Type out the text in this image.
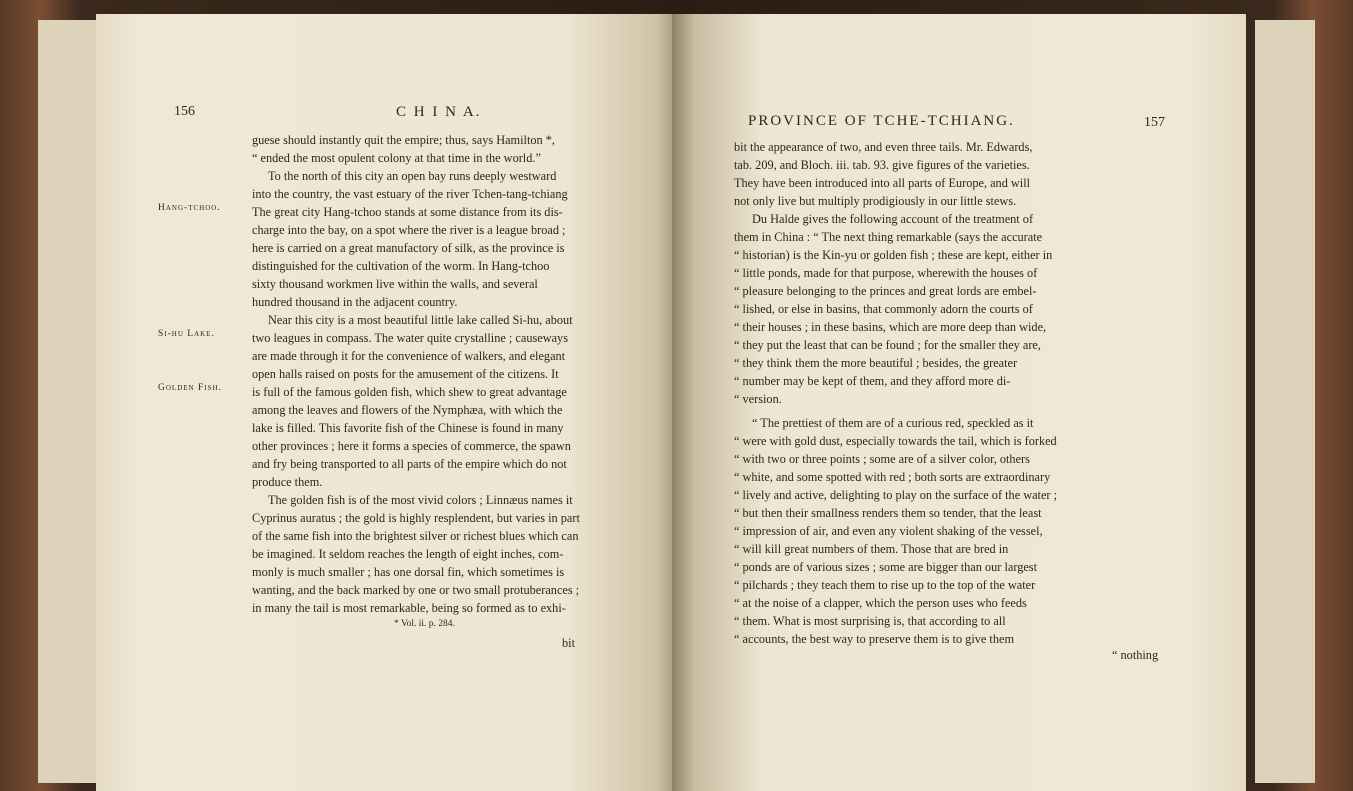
156	C H I N A.
Hang-tchoo.
Si-hu Lake.
Golden Fish.
guese should instantly quit the empire; thus, says Hamilton *,
“ ended the most opulent colony at that time in the world.”
To the north of this city an open bay runs deeply westward
into the country, the vast estuary of the river Tchen-tang-tchiang
The great city Hang-tchoo stands at some distance from its dis-
charge into the bay, on a spot where the river is a league broad ;
here is carried on a great manufactory of silk, as the province is
distinguished for the cultivation of the worm. In Hang-tchoo
sixty thousand workmen live within the walls, and several
hundred thousand in the adjacent country.
Near this city is a most beautiful little lake called Si-hu, about
two leagues in compass. The water quite crystalline ; causeways
are made through it for the convenience of walkers, and elegant
open halls raised on posts for the amusement of the citizens. It
is full of the famous golden fish, which shew to great advantage
among the leaves and flowers of the Nymphæa, with which the
lake is filled. This favorite fish of the Chinese is found in many
other provinces ; here it forms a species of commerce, the spawn
and fry being transported to all parts of the empire which do not
produce them.
The golden fish is of the most vivid colors ; Linnæus names it
Cyprinus auratus ; the gold is highly resplendent, but varies in part
of the same fish into the brightest silver or richest blues which can
be imagined. It seldom reaches the length of eight inches, com-
monly is much smaller ; has one dorsal fin, which sometimes is
wanting, and the back marked by one or two small protuberances ;
in many the tail is most remarkable, being so formed as to exhi-
* Vol. ii. p. 284.
bit
PROVINCE OF TCHE-TCHIANG.	157
bit the appearance of two, and even three tails. Mr. Edwards,
tab. 209, and Bloch. iii. tab. 93. give figures of the varieties.
They have been introduced into all parts of Europe, and will
not only live but multiply prodigiously in our little stews.
Du Halde gives the following account of the treatment of
them in China : “ The next thing remarkable (says the accurate
“ historian) is the Kin-yu or golden fish ; these are kept, either in
“ little ponds, made for that purpose, wherewith the houses of
“ pleasure belonging to the princes and great lords are embel-
“ lished, or else in basins, that commonly adorn the courts of
“ their houses ; in these basins, which are more deep than wide,
“ they put the least that can be found ; for the smaller they are,
“ they think them the more beautiful ; besides, the greater
“ number may be kept of them, and they afford more di-
“ version.
“ The prettiest of them are of a curious red, speckled as it
“ were with gold dust, especially towards the tail, which is forked
“ with two or three points ; some are of a silver color, others
“ white, and some spotted with red ; both sorts are extraordinary
“ lively and active, delighting to play on the surface of the water ;
“ but then their smallness renders them so tender, that the least
“ impression of air, and even any violent shaking of the vessel,
“ will kill great numbers of them. Those that are bred in
“ ponds are of various sizes ; some are bigger than our largest
“ pilchards ; they teach them to rise up to the top of the water
“ at the noise of a clapper, which the person uses who feeds
“ them. What is most surprising is, that according to all
“ accounts, the best way to preserve them is to give them
“ nothing
